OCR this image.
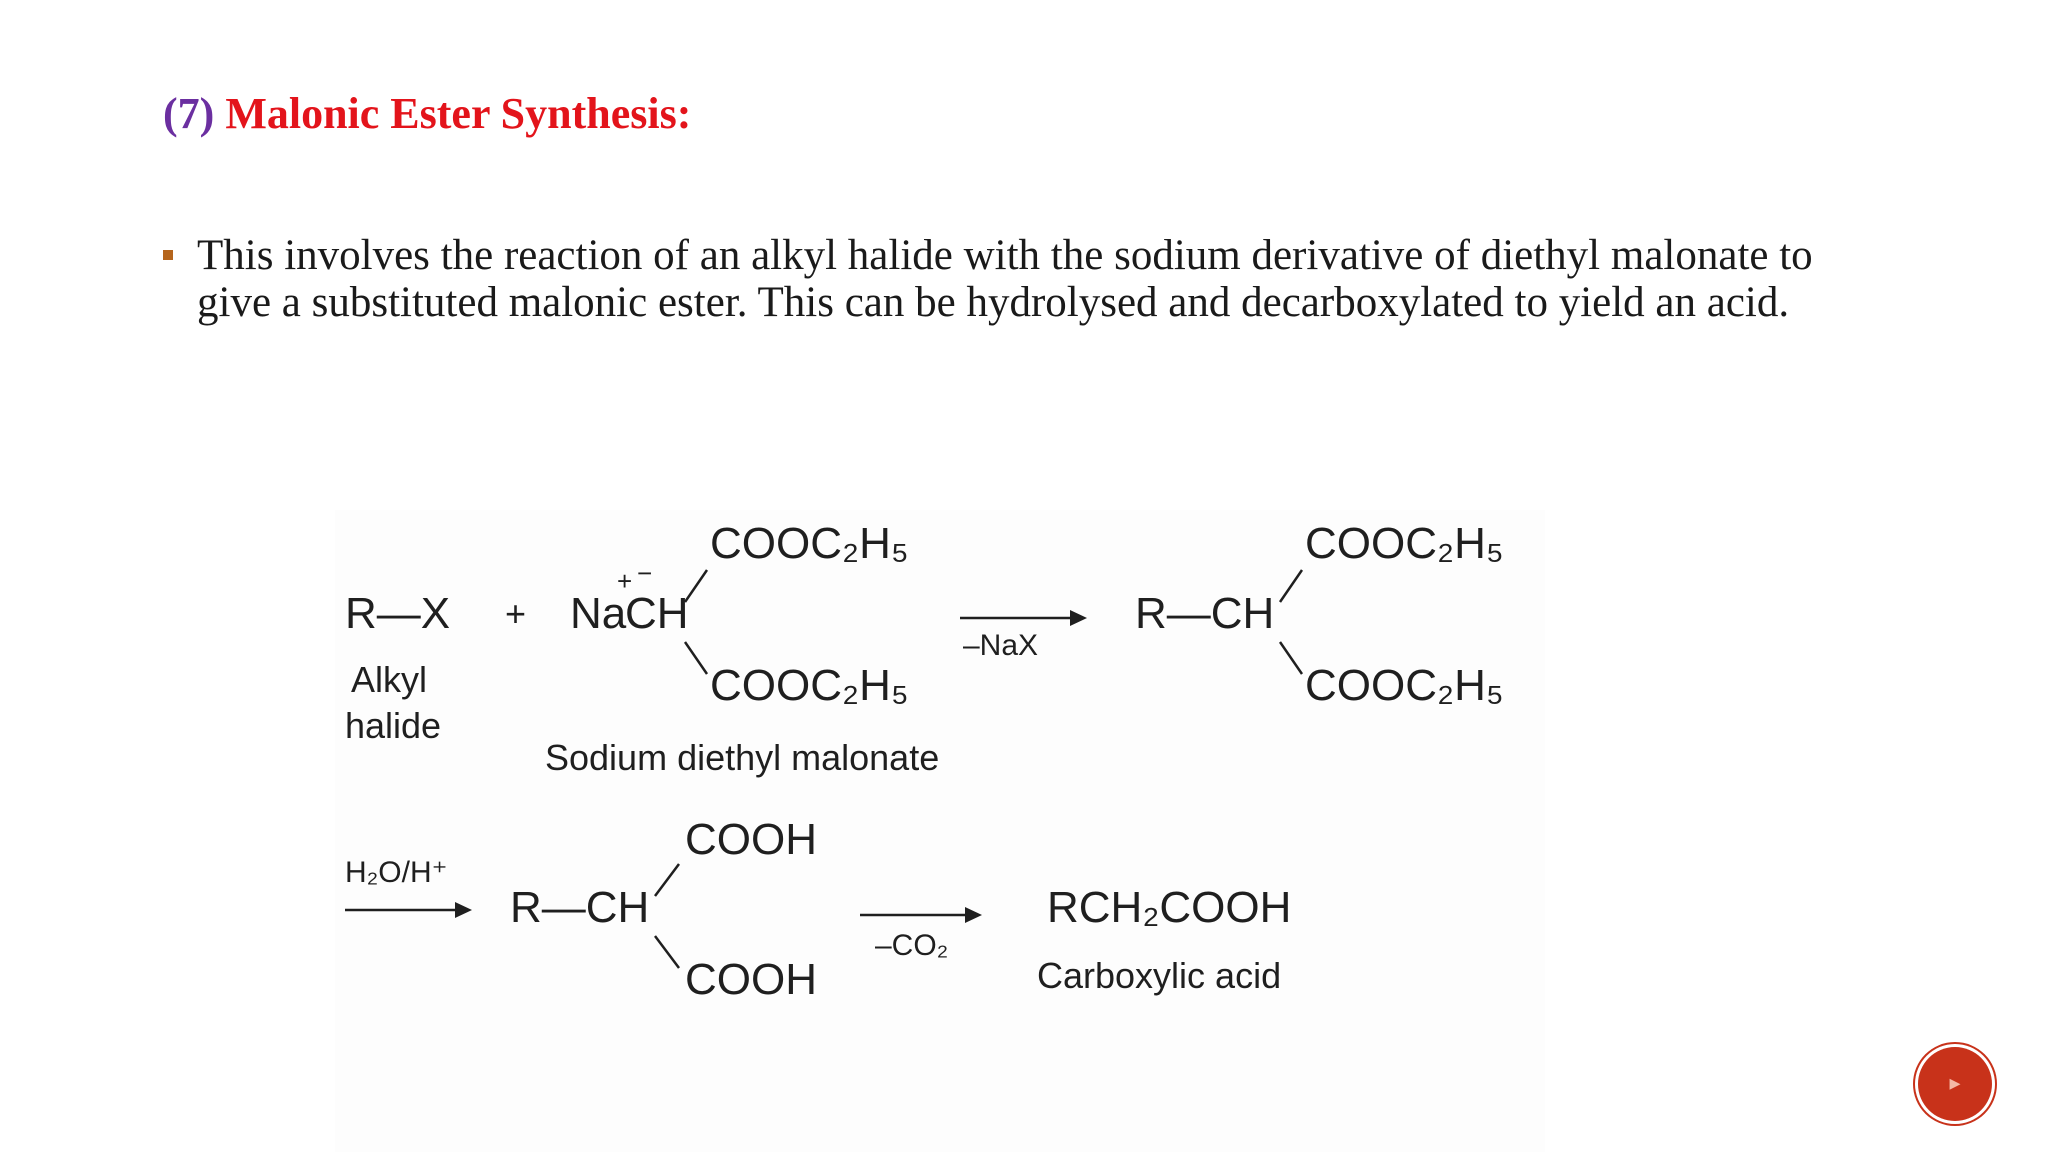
(7) Malonic Ester Synthesis:
This involves the reaction of an alkyl halide with the sodium derivative of diethyl malonate to give a substituted malonic ester. This can be hydrolysed and decarboxylated to yield an acid.
R—X
Alkyl
halide
+ Na
CH
+ −
COOC₂H₅
COOC₂H₅
Sodium diethyl malonate
–NaX
R—CH
COOC₂H₅
COOC₂H₅
H₂O/H⁺
R—CH
COOH
COOH
–CO₂
RCH₂COOH
Carboxylic acid
▸
